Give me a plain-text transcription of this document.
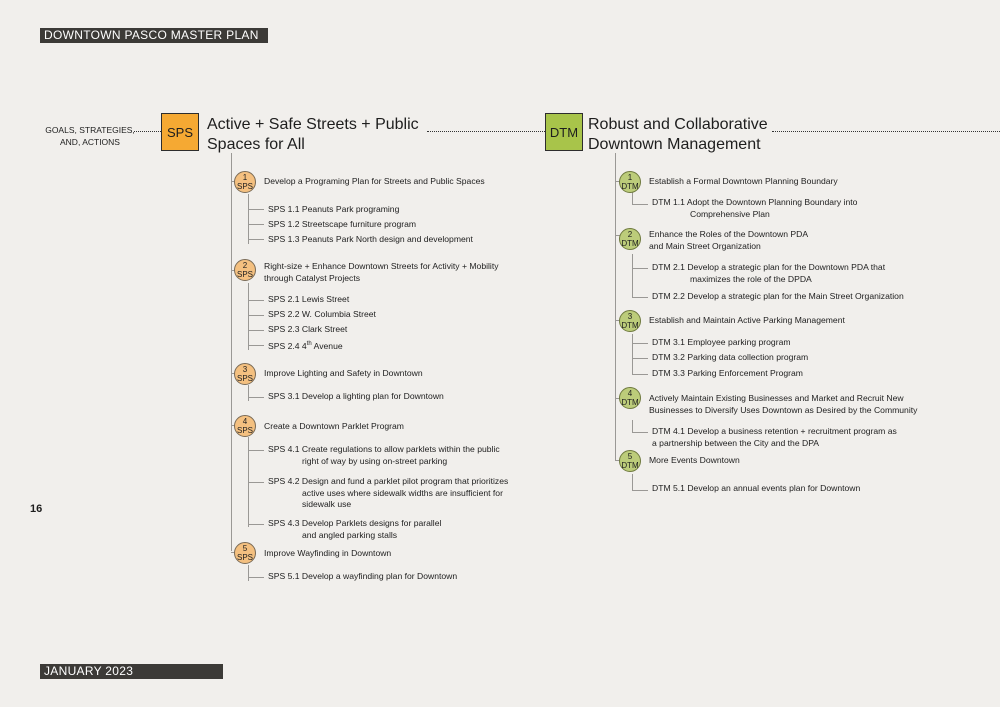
DOWNTOWN PASCO MASTER PLAN
JANUARY 2023
16
GOALS, STRATEGIES,
AND, ACTIONS
SPS Active + Safe Streets + Public
Spaces for All
1
SPS Develop a Programing Plan for Streets and Public Spaces
SPS 1.1 Peanuts Park programing
SPS 1.2 Streetscape furniture program
SPS 1.3 Peanuts Park North design and development
2
SPS
Right-size + Enhance Downtown Streets for Activity + Mobility
through Catalyst Projects
SPS 2.1 Lewis Street
SPS 2.2 W. Columbia Street
SPS 2.3 Clark Street
SPS 2.4 4th Avenue
3
SPS Improve Lighting and Safety in Downtown
SPS 3.1 Develop a lighting plan for Downtown
4
SPS Create a Downtown Parklet Program
SPS 4.1 Create regulations to allow parklets within the public
right of way by using on-street parking
SPS 4.2 Design and fund a parklet pilot program that prioritizes
active uses where sidewalk widths are insufficient for
sidewalk use
SPS 4.3 Develop Parklets designs for parallel
and angled parking stalls
5
SPS Improve Wayfinding in Downtown
SPS 5.1 Develop a wayfinding plan for Downtown
DTM Robust and Collaborative
Downtown Management
1
DTM Establish a Formal Downtown Planning Boundary
DTM 1.1 Adopt the Downtown Planning Boundary into
Comprehensive Plan
2
DTM
Enhance the Roles of the Downtown PDA
and Main Street Organization
DTM 2.1 Develop a strategic plan for the Downtown PDA that
maximizes the role of the DPDA
DTM 2.2 Develop a strategic plan for the Main Street Organization
3
DTM Establish and Maintain Active Parking Management
DTM 3.1 Employee parking program
DTM 3.2 Parking data collection program
DTM 3.3 Parking Enforcement Program
4
DTM Actively Maintain Existing Businesses and Market and Recruit New
Businesses to Diversify Uses Downtown as Desired by the Community
DTM 4.1 Develop a business retention + recruitment program as
a partnership between the City and the DPA
5
DTM More Events Downtown
DTM 5.1 Develop an annual events plan for Downtown
